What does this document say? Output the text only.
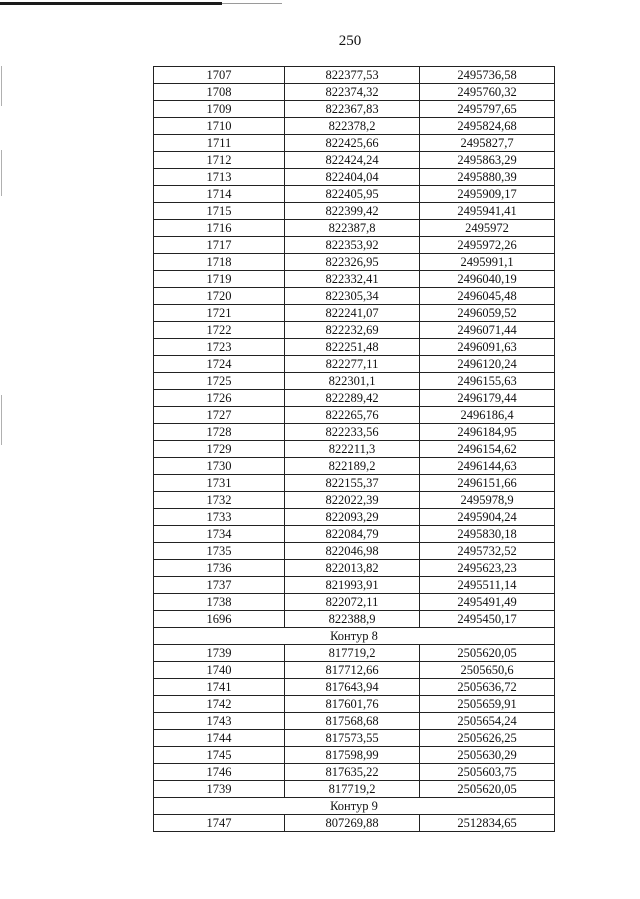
250
1707	822377,53	2495736,58
1708	822374,32	2495760,32
1709	822367,83	2495797,65
1710	822378,2	2495824,68
1711	822425,66	2495827,7
1712	822424,24	2495863,29
1713	822404,04	2495880,39
1714	822405,95	2495909,17
1715	822399,42	2495941,41
1716	822387,8	2495972
1717	822353,92	2495972,26
1718	822326,95	2495991,1
1719	822332,41	2496040,19
1720	822305,34	2496045,48
1721	822241,07	2496059,52
1722	822232,69	2496071,44
1723	822251,48	2496091,63
1724	822277,11	2496120,24
1725	822301,1	2496155,63
1726	822289,42	2496179,44
1727	822265,76	2496186,4
1728	822233,56	2496184,95
1729	822211,3	2496154,62
1730	822189,2	2496144,63
1731	822155,37	2496151,66
1732	822022,39	2495978,9
1733	822093,29	2495904,24
1734	822084,79	2495830,18
1735	822046,98	2495732,52
1736	822013,82	2495623,23
1737	821993,91	2495511,14
1738	822072,11	2495491,49
1696	822388,9	2495450,17
Контур 8		
1739	817719,2	2505620,05
1740	817712,66	2505650,6
1741	817643,94	2505636,72
1742	817601,76	2505659,91
1743	817568,68	2505654,24
1744	817573,55	2505626,25
1745	817598,99	2505630,29
1746	817635,22	2505603,75
1739	817719,2	2505620,05
Контур 9		
1747	807269,88	2512834,65
